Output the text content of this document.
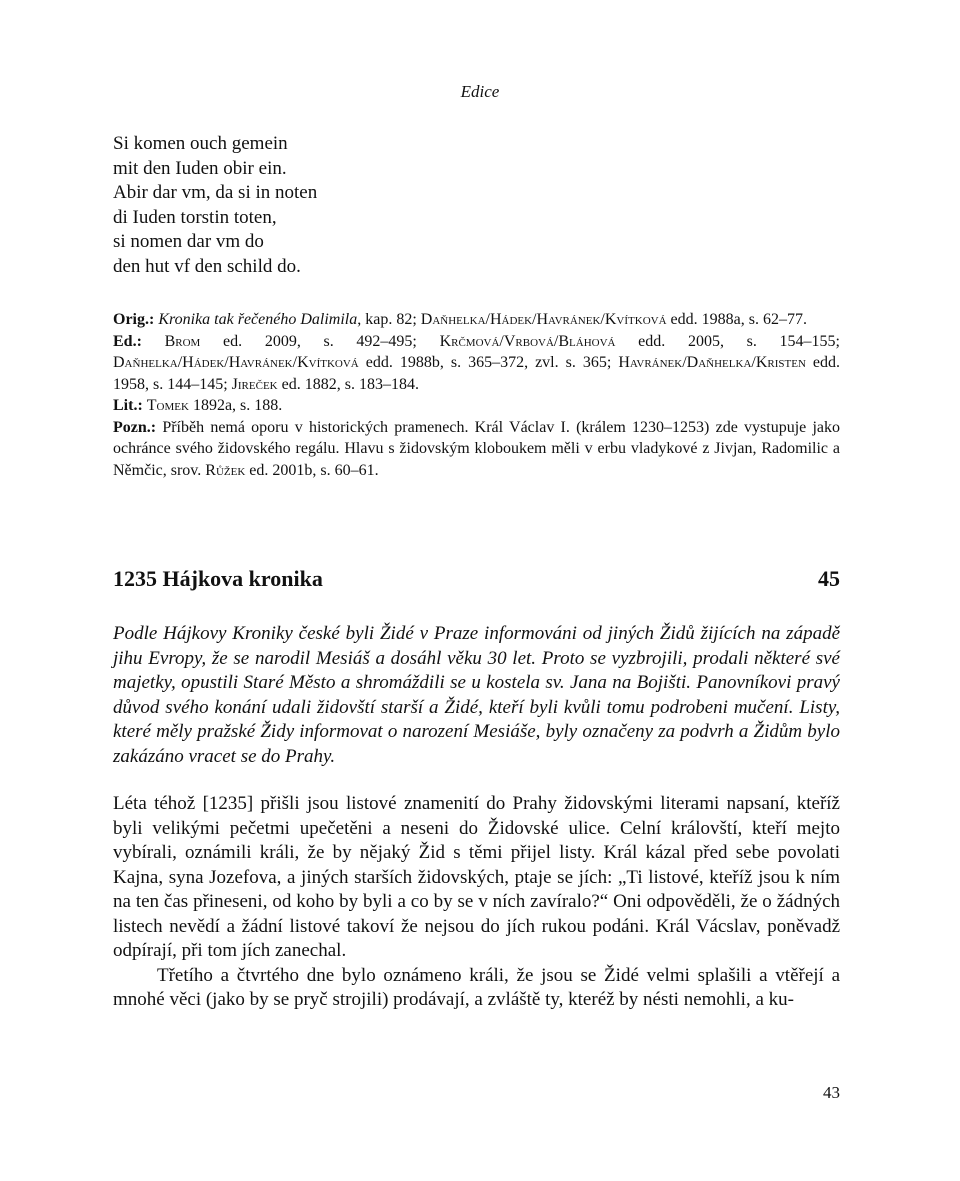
Edice
Si komen ouch gemein
mit den Iuden obir ein.
Abir dar vm, da si in noten
di Iuden torstin toten,
si nomen dar vm do
den hut vf den schild do.

Orig.: Kronika tak řečeného Dalimila, kap. 82; Daňhelka/Hádek/Havránek/Kvítková edd. 1988a, s. 62–77.

Ed.: Brom ed. 2009, s. 492–495; Krčmová/Vrbová/Bláhová edd. 2005, s. 154–155; Daňhelka/Hádek/Havránek/Kvítková edd. 1988b, s. 365–372, zvl. s. 365; Havránek/Daňhelka/Kristen edd. 1958, s. 144–145; Jireček ed. 1882, s. 183–184.

Lit.: Tomek 1892a, s. 188.

Pozn.: Příběh nemá oporu v historických pramenech. Král Václav I. (králem 1230–1253) zde vystupuje jako ochránce svého židovského regálu. Hlavu s židovským kloboukem měli v erbu vladykové z Jivjan, Radomilic a Němčic, srov. Růžek ed. 2001b, s. 60–61.

1235 Hájkova kronika	45

Podle Hájkovy Kroniky české byli Židé v Praze informováni od jiných Židů žijících na západě jihu Evropy, že se narodil Mesiáš a dosáhl věku 30 let. Proto se vyzbrojili, prodali některé své majetky, opustili Staré Město a shromáždili se u kostela sv. Jana na Bojišti. Panovníkovi pravý důvod svého konání udali židovští starší a Židé, kteří byli kvůli tomu podrobeni mučení. Listy, které měly pražské Židy informovat o narození Mesiáše, byly označeny za podvrh a Židům bylo zakázáno vracet se do Prahy.

Léta téhož [1235] přišli jsou listové znamenití do Prahy židovskými literami napsaní, kteříž byli velikými pečetmi upečetěni a neseni do Židovské ulice. Celní královští, kteří mejto vybírali, oznámili králi, že by nějaký Žid s těmi přijel listy. Král kázal před sebe povolati Kajna, syna Jozefova, a jiných starších židovských, ptaje se jích: „Ti listové, kteříž jsou k ním na ten čas přineseni, od koho by byli a co by se v ních zavíralo?“ Oni odpověděli, že o žádných listech nevědí a žádní listové takoví že nejsou do jích rukou podáni. Král Vácslav, poněvadž odpírají, při tom jích zanechal.

Třetího a čtvrtého dne bylo oznámeno králi, že jsou se Židé velmi splašili a vtěřejí a mnohé věci (jako by se pryč strojili) prodávají, a zvláště ty, kteréž by nésti nemohli, a ku-

43
